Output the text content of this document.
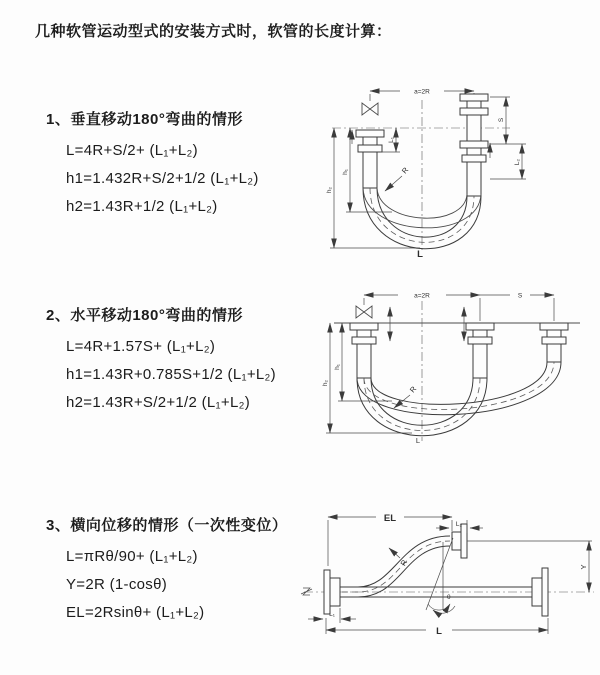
几种软管运动型式的安装方式时，软管的长度计算：
1、垂直移动180°弯曲的情形
L=4R+S/2+ (L₁+L₂)
h1=1.432R+S/2+1/2 (L₁+L₂)
h2=1.43R+1/2 (L₁+L₂)
2、水平移动180°弯曲的情形
L=4R+1.57S+ (L₁+L₂)
h1=1.43R+0.785S+1/2 (L₁+L₂)
h2=1.43R+S/2+1/2 (L₁+L₂)
3、横向位移的情形（一次性变位）
L=πRθ/90+ (L₁+L₂)
Y=2R (1-cosθ)
EL=2Rsinθ+ (L₁+L₂)
a=2R
L₁
S
L₂
h₁
h₂
R
L
a=2R	S
h₁
h₂
R
L
EL
L₂
Y
R
θ
L
L₁
